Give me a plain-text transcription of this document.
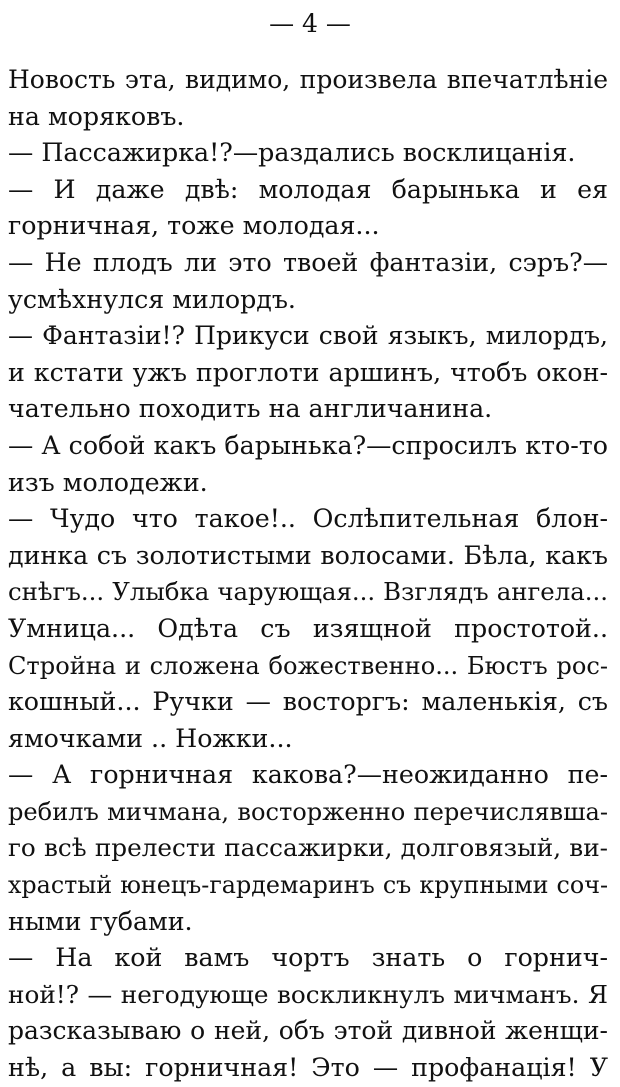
— 4 —
Новость эта, видимо, произвела впечатлѣніе
на моряковъ.
— Пассажирка!?—раздались восклицанія.
— И даже двѣ: молодая барынька и ея
горничная, тоже молодая...
— Не плодъ ли это твоей фантазіи, сэръ?—
усмѣхнулся милордъ.
— Фантазіи!? Прикуси свой языкъ, милордъ,
и кстати ужъ проглоти аршинъ, чтобъ окон-
чательно походить на англичанина.
— А собой какъ барынька?—спросилъ кто-то
изъ молодежи.
— Чудо что такое!.. Ослѣпительная блон-
динка съ золотистыми волосами. Бѣла, какъ
снѣгъ... Улыбка чарующая... Взглядъ ангела...
Умница... Одѣта съ изящной простотой..
Стройна и сложена божественно... Бюстъ рос-
кошный... Ручки — восторгъ: маленькія, съ
ямочками .. Ножки...
— А горничная какова?—неожиданно пе-
ребилъ мичмана, восторженно перечислявша-
го всѣ прелести пассажирки, долговязый, ви-
храстый юнецъ-гардемаринъ съ крупными соч-
ными губами.
— На кой вамъ чортъ знать о горнич-
ной!? — негодующе воскликнулъ мичманъ. Я
разсказываю о ней, объ этой дивной женщи-
нѣ, а вы: горничная! Это — профанація! У
